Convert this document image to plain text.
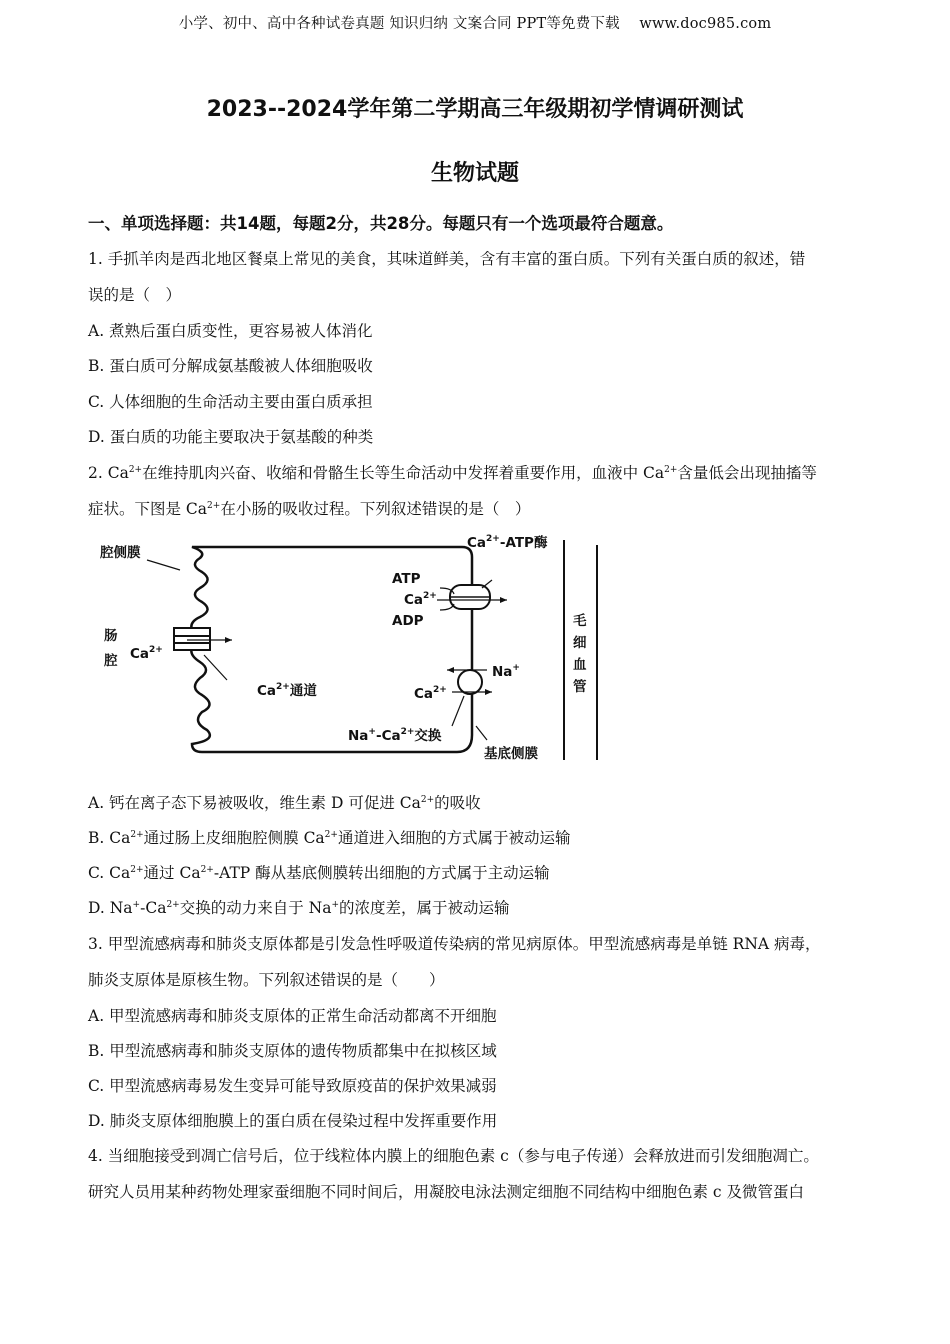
小学、初中、高中各种试卷真题 知识归纳 文案合同 PPT等免费下载　 www.doc985.com
2023--2024学年第二学期高三年级期初学情调研测试
生物试题
一、单项选择题：共14题，每题2分，共28分。每题只有一个选项最符合题意。
1. 手抓羊肉是西北地区餐桌上常见的美食，其味道鲜美，含有丰富的蛋白质。下列有关蛋白质的叙述，错
误的是（　）
A. 煮熟后蛋白质变性，更容易被人体消化
B. 蛋白质可分解成氨基酸被人体细胞吸收
C. 人体细胞的生命活动主要由蛋白质承担
D. 蛋白质的功能主要取决于氨基酸的种类
2. $Ca^{2+}$在维持肌肉兴奋、收缩和骨骼生长等生命活动中发挥着重要作用，血液中 $Ca^{2+}$含量低会出现抽搐等
症状。下图是 $Ca^{2+}$在小肠的吸收过程。下列叙述错误的是（　）
腔侧膜
肠
腔 $Ca^{2+}$
$Ca^{2+}$通道
$Ca^{2+}$-ATP酶
ATP
$Ca^{2+}$
ADP
Na+
$Ca^{2+}$
$Na^+-Ca^{2+}$交换
基底侧膜
毛
细
血
管
A. 钙在离子态下易被吸收，维生素 D 可促进 $Ca^{2+}$的吸收
B. $Ca^{2+}$通过肠上皮细胞腔侧膜 $Ca^{2+}$通道进入细胞的方式属于被动运输
C. $Ca^{2+}$通过 $Ca^{2+}$-ATP 酶从基底侧膜转出细胞的方式属于主动运输
D. $Na^+-Ca^{2+}$交换的动力来自于 Na+的浓度差，属于被动运输
3. 甲型流感病毒和肺炎支原体都是引发急性呼吸道传染病的常见病原体。甲型流感病毒是单链 RNA 病毒，
肺炎支原体是原核生物。下列叙述错误的是（　　）
A. 甲型流感病毒和肺炎支原体的正常生命活动都离不开细胞
B. 甲型流感病毒和肺炎支原体的遗传物质都集中在拟核区域
C. 甲型流感病毒易发生变异可能导致原疫苗的保护效果减弱
D. 肺炎支原体细胞膜上的蛋白质在侵染过程中发挥重要作用
4. 当细胞接受到凋亡信号后，位于线粒体内膜上的细胞色素 c（参与电子传递）会释放进而引发细胞凋亡。
研究人员用某种药物处理家蚕细胞不同时间后，用凝胶电泳法测定细胞不同结构中细胞色素 c 及微管蛋白
